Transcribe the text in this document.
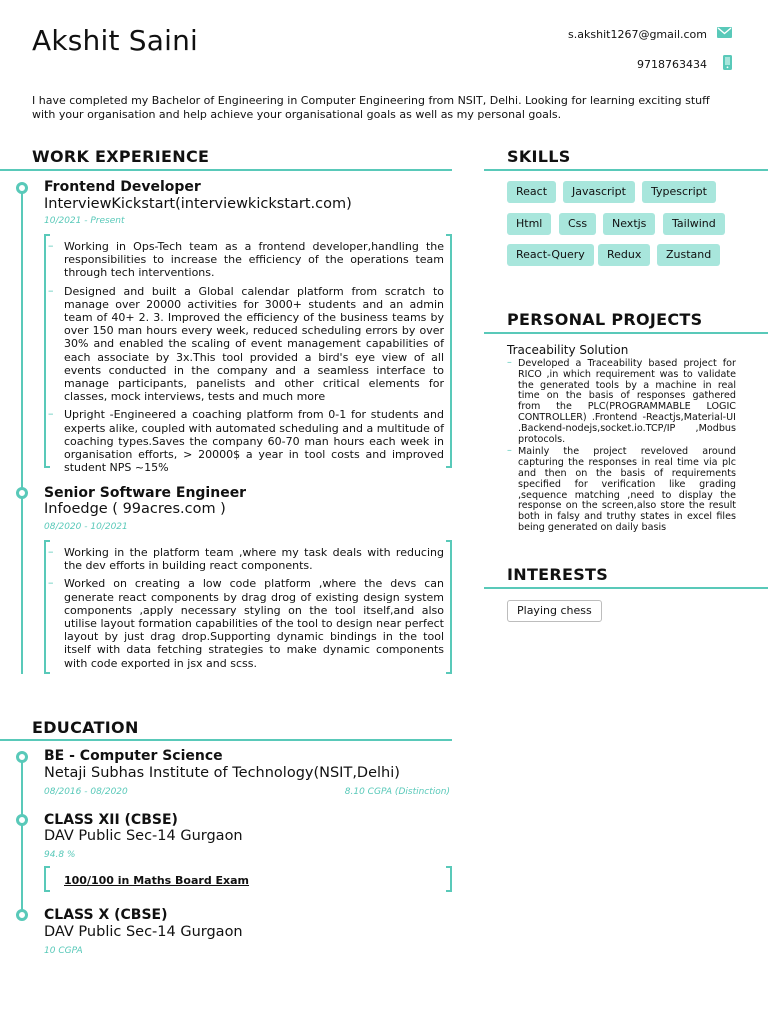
Akshit Saini	s.akshit1267@gmail.com
9718763434
I have completed my Bachelor of Engineering in Computer Engineering from NSIT, Delhi. Looking for learning exciting stuff with your organisation and help achieve your organisational goals as well as my personal goals.
WORK EXPERIENCE
Frontend Developer
InterviewKickstart(interviewkickstart.com)
10/2021 - Present
– Working in Ops-Tech team as a frontend developer,handling the responsibilities to increase the efficiency of the operations team through tech interventions.
– Designed and built a Global calendar platform from scratch to manage over 20000 activities for 3000+ students and an admin team of 40+ 2. 3. Improved the efficiency of the business teams by over 150 man hours every week, reduced scheduling errors by over 30% and enabled the scaling of event management capabilities of each associate by 3x.This tool provided a bird's eye view of all events conducted in the company and a seamless interface to manage participants, panelists and other critical elements for classes, mock interviews, tests and much more
– Upright -Engineered a coaching platform from 0-1 for students and experts alike, coupled with automated scheduling and a multitude of coaching types.Saves the company 60-70 man hours each week in organisation efforts, > 20000$ a year in tool costs and improved student NPS ~15%
Senior Software Engineer
Infoedge ( 99acres.com )
08/2020 - 10/2021
– Working in the platform team ,where my task deals with reducing the dev efforts in building react components.
– Worked on creating a low code platform ,where the devs can generate react components by drag drog of existing design system components ,apply necessary styling on the tool itself,and also utilise layout formation capabilities of the tool to design near perfect layout by just drag drop.Supporting dynamic bindings in the tool itself with data fetching strategies to make dynamic components with code exported in jsx and scss.
EDUCATION
BE - Computer Science
Netaji Subhas Institute of Technology(NSIT,Delhi)
08/2016 - 08/2020	8.10 CGPA (Distinction)
CLASS XII (CBSE)
DAV Public Sec-14 Gurgaon
94.8 %
100/100 in Maths Board Exam
CLASS X (CBSE)
DAV Public Sec-14 Gurgaon
10 CGPA
SKILLS
React	Javascript	Typescript
Html	Css	Nextjs	Tailwind
React-Query	Redux	Zustand
PERSONAL PROJECTS
Traceability Solution
– Developed a Traceability based project for RICO ,in which requirement was to validate the generated tools by a machine in real time on the basis of responses gathered from the PLC(PROGRAMMABLE LOGIC CONTROLLER) .Frontend -Reactjs,Material-UI .Backend-nodejs,socket.io.TCP/IP ,Modbus protocols.
– Mainly the project reveloved around capturing the responses in real time via plc and then on the basis of requirements specified for verification like grading ,sequence matching ,need to display the response on the screen,also store the result both in falsy and truthy states in excel files being generated on daily basis
INTERESTS
Playing chess
